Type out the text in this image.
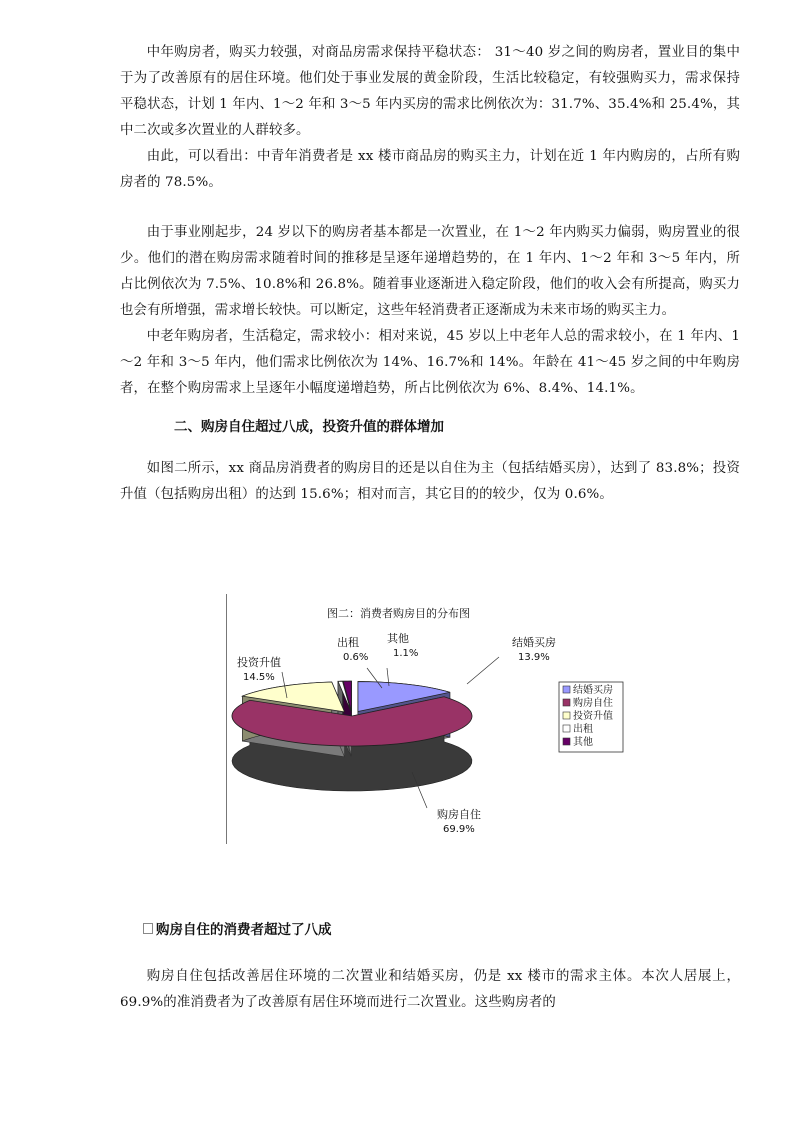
中年购房者，购买力较强，对商品房需求保持平稳状态： 31～40 岁之间的购房者，置业目的集中于为了改善原有的居住环境。他们处于事业发展的黄金阶段，生活比较稳定，有较强购买力，需求保持平稳状态，计划 1 年内、1～2 年和 3～5 年内买房的需求比例依次为：31.7%、35.4%和 25.4%，其中二次或多次置业的人群较多。

由此，可以看出：中青年消费者是 xx 楼市商品房的购买主力，计划在近 1 年内购房的，占所有购房者的 78.5%。

由于事业刚起步，24 岁以下的购房者基本都是一次置业，在 1～2 年内购买力偏弱，购房置业的很少。他们的潜在购房需求随着时间的推移是呈逐年递增趋势的，在 1 年内、1～2 年和 3～5 年内，所占比例依次为 7.5%、10.8%和 26.8%。随着事业逐渐进入稳定阶段，他们的收入会有所提高，购买力也会有所增强，需求增长较快。可以断定，这些年轻消费者正逐渐成为未来市场的购买主力。

中老年购房者，生活稳定，需求较小：相对来说，45 岁以上中老年人总的需求较小，在 1 年内、1～2 年和 3～5 年内，他们需求比例依次为 14%、16.7%和 14%。年龄在 41～45 岁之间的中年购房者，在整个购房需求上呈逐年小幅度递增趋势，所占比例依次为 6%、8.4%、14.1%。

二、购房自住超过八成，投资升值的群体增加

如图二所示，xx 商品房消费者的购房目的还是以自住为主（包括结婚买房），达到了 83.8%；投资升值（包括购房出租）的达到 15.6%；相对而言，其它目的的较少，仅为 0.6%。

图二：消费者购房目的分布图
结婚买房
13.9%
购房自住
69.9%
投资升值
14.5%
出租
0.6%
其他
1.1%
结婚买房
购房自住
投资升值
出租
其他
购房自住的消费者超过了八成

购房自住包括改善居住环境的二次置业和结婚买房，仍是 xx 楼市的需求主体。本次人居展上，69.9%的准消费者为了改善原有居住环境而进行二次置业。这些购房者的
